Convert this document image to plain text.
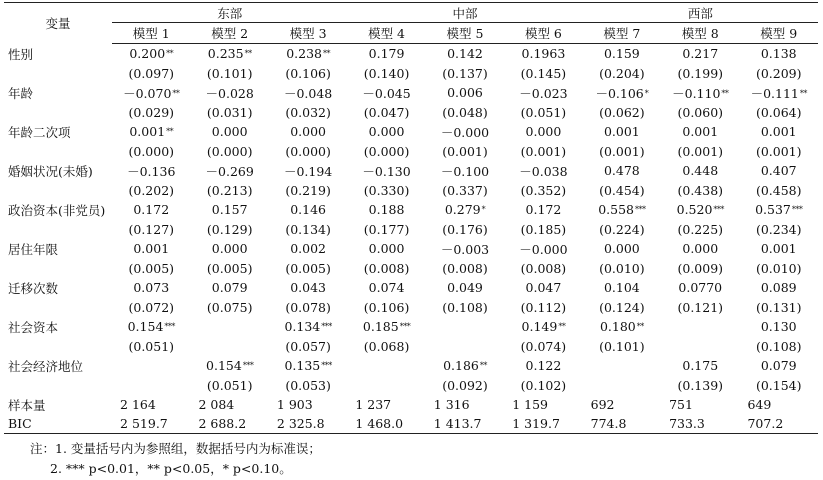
变量	东部			中部			西部		
	模型 1	模型 2	模型 3	模型 4	模型 5	模型 6	模型 7	模型 8	模型 9
性别	0.200**	0.235**	0.238**	0.179	0.142	0.1963	0.159	0.217	0.138
	(0.097)	(0.101)	(0.106)	(0.140)	(0.137)	(0.145)	(0.204)	(0.199)	(0.209)
年龄	－0.070**	－0.028	－0.048	－0.045	0.006	－0.023	－0.106*	－0.110**	－0.111**
	(0.029)	(0.031)	(0.032)	(0.047)	(0.048)	(0.051)	(0.062)	(0.060)	(0.064)
年龄二次项	0.001**	0.000	0.000	0.000	－0.000	0.000	0.001	0.001	0.001
	(0.000)	(0.000)	(0.000)	(0.000)	(0.001)	(0.001)	(0.001)	(0.001)	(0.001)
婚姻状况(未婚)	－0.136	－0.269	－0.194	－0.130	－0.100	－0.038	0.478	0.448	0.407
	(0.202)	(0.213)	(0.219)	(0.330)	(0.337)	(0.352)	(0.454)	(0.438)	(0.458)
政治资本(非党员)	0.172	0.157	0.146	0.188	0.279*	0.172	0.558***	0.520***	0.537***
	(0.127)	(0.129)	(0.134)	(0.177)	(0.176)	(0.185)	(0.224)	(0.225)	(0.234)
居住年限	0.001	0.000	0.002	0.000	－0.003	－0.000	0.000	0.000	0.001
	(0.005)	(0.005)	(0.005)	(0.008)	(0.008)	(0.008)	(0.010)	(0.009)	(0.010)
迁移次数	0.073	0.079	0.043	0.074	0.049	0.047	0.104	0.0770	0.089
	(0.072)	(0.075)	(0.078)	(0.106)	(0.108)	(0.112)	(0.124)	(0.121)	(0.131)
社会资本	0.154***		0.134***	0.185***		0.149**	0.180**		0.130
	(0.051)		(0.057)	(0.068)		(0.074)	(0.101)		(0.108)
社会经济地位		0.154***	0.135***		0.186**	0.122		0.175	0.079
		(0.051)	(0.053)		(0.092)	(0.102)		(0.139)	(0.154)
样本量	2 164	2 084	1 903	1 237	1 316	1 159	692	751	649
BIC	2 519.7	2 688.2	2 325.8	1 468.0	1 413.7	1 319.7	774.8	733.3	707.2
注：1. 变量括号内为参照组，数据括号内为标准误；
2. *** p<0.01，** p<0.05，* p<0.10。
